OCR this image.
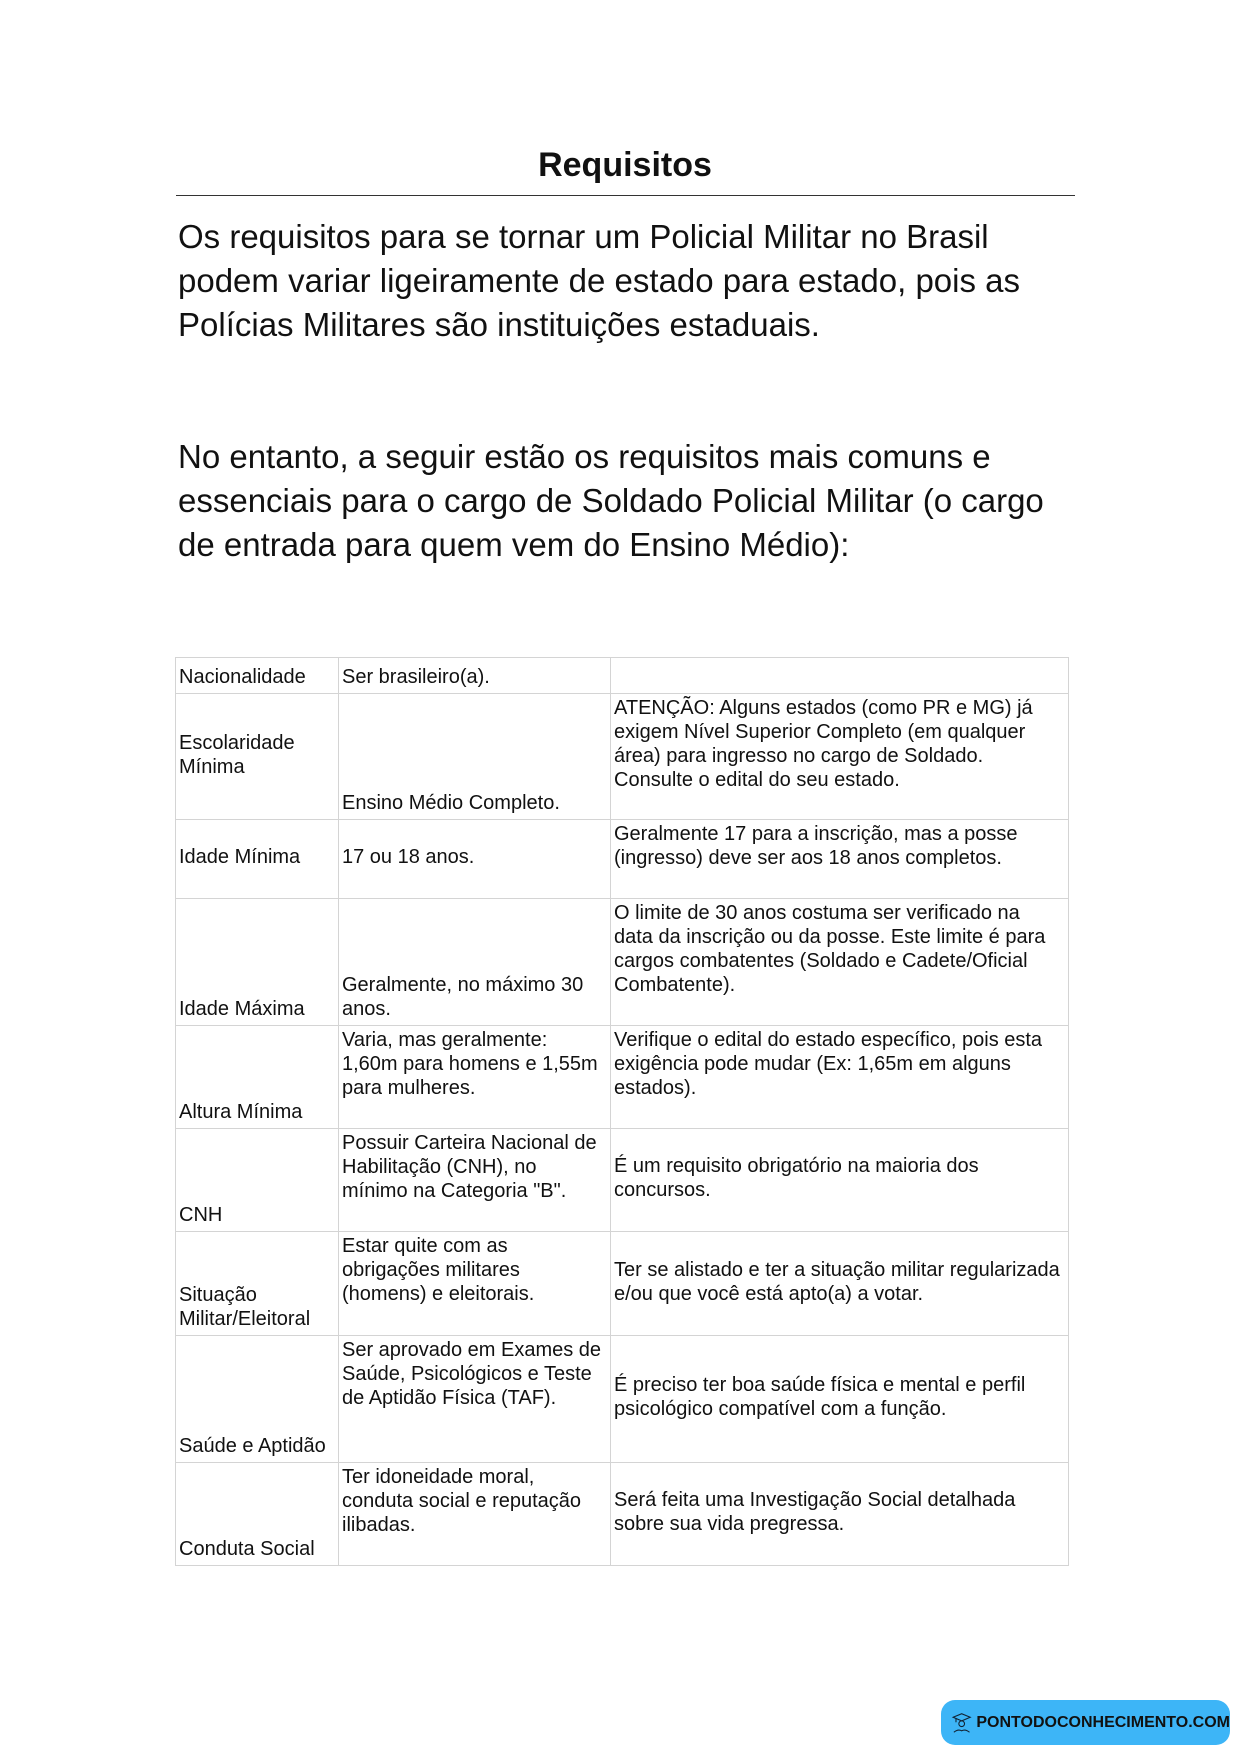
Requisitos
Os requisitos para se tornar um Policial Militar no Brasil podem variar ligeiramente de estado para estado, pois as Polícias Militares são instituições estaduais.
No entanto, a seguir estão os requisitos mais comuns e essenciais para o cargo de Soldado Policial Militar (o cargo de entrada para quem vem do Ensino Médio):
Nacionalidade	Ser brasileiro(a).	
Escolaridade Mínima	Ensino Médio Completo.	ATENÇÃO: Alguns estados (como PR e MG) já exigem Nível Superior Completo (em qualquer área) para ingresso no cargo de Soldado. Consulte o edital do seu estado.
Idade Mínima	17 ou 18 anos.	Geralmente 17 para a inscrição, mas a posse (ingresso) deve ser aos 18 anos completos.
Idade Máxima	Geralmente, no máximo 30 anos.	O limite de 30 anos costuma ser verificado na data da inscrição ou da posse. Este limite é para cargos combatentes (Soldado e Cadete/Oficial Combatente).
Altura Mínima	Varia, mas geralmente: 1,60m para homens e 1,55m para mulheres.	Verifique o edital do estado específico, pois esta exigência pode mudar (Ex: 1,65m em alguns estados).
CNH	Possuir Carteira Nacional de Habilitação (CNH), no mínimo na Categoria "B".	É um requisito obrigatório na maioria dos concursos.
Situação Militar/Eleitoral	Estar quite com as obrigações militares (homens) e eleitorais.	Ter se alistado e ter a situação militar regularizada e/ou que você está apto(a) a votar.
Saúde e Aptidão	Ser aprovado em Exames de Saúde, Psicológicos e Teste de Aptidão Física (TAF).	É preciso ter boa saúde física e mental e perfil psicológico compatível com a função.
Conduta Social	Ter idoneidade moral, conduta social e reputação ilibadas.	Será feita uma Investigação Social detalhada sobre sua vida pregressa.
PONTODOCONHECIMENTO.COM
